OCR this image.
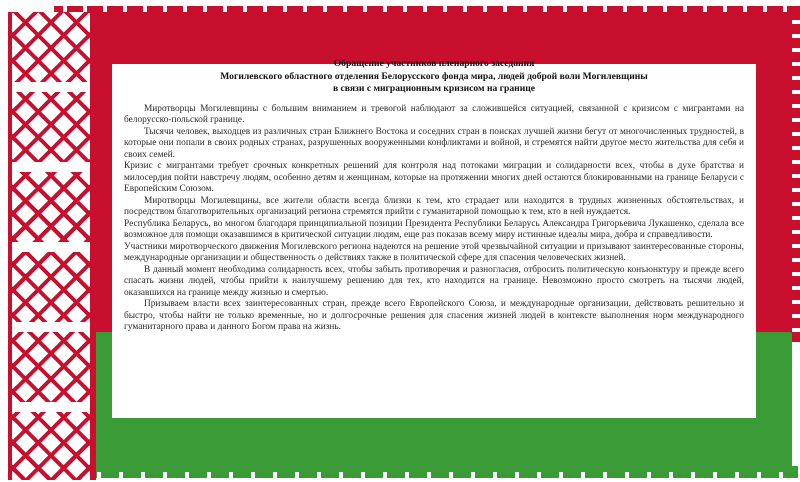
Обращение участников пленарного заседания
Могилевского областного отделения Белорусского фонда мира, людей доброй воли Могилевщины
в связи с миграционным кризисом на границе

Миротворцы Могилевщины с большим вниманием и тревогой наблюдают за сложившейся ситуацией, связанной с кризисом с мигрантами на белорусско-польской границе.

Тысячи человек, выходцев из различных стран Ближнего Востока и соседних стран в поисках лучшей жизни бегут от многочисленных трудностей, в которые они попали в своих родных странах, разрушенных вооруженными конфликтами и войной, и стремятся найти другое место жительства для себя и своих семей.

Кризис с мигрантами требует срочных конкретных решений для контроля над потоками миграции и солидарности всех, чтобы в духе братства и милосердия пойти навстречу людям, особенно детям и женщинам, которые на протяжении многих дней остаются блокированными на границе Беларуси с Европейским Союзом.

Миротворцы Могилевщины, все жители области всегда близки к тем, кто страдает или находится в трудных жизненных обстоятельствах, и посредством благотворительных организаций региона стремятся прийти с гуманитарной помощью к тем, кто в ней нуждается.

Республика Беларусь, во многом благодаря принципиальной позиции Президента Республики Беларусь Александра Григорьевича Лукашенко, сделала все возможное для помощи оказавшимся в критической ситуации людям, еще раз показав всему миру истинные идеалы мира, добра и справедливости.

Участники миротворческого движения Могилевского региона надеются на решение этой чрезвычайной ситуации и призывают заинтересованные стороны, международные организации и общественность о действиях также в политической сфере для спасения человеческих жизней.

В данный момент необходима солидарность всех, чтобы забыть противоречия и разногласия, отбросить политическую конъюнктуру и прежде всего спасать жизни людей, чтобы прийти к наилучшему решению для тех, кто находится на границе. Невозможно просто смотреть на тысячи людей, оказавшихся на границе между жизнью и смертью.

Призываем власти всех заинтересованных стран, прежде всего Европейского Союза, и международные организации, действовать решительно и быстро, чтобы найти не только временные, но и долгосрочные решения для спасения жизней людей в контексте выполнения норм международного гуманитарного права и данного Богом права на жизнь.
